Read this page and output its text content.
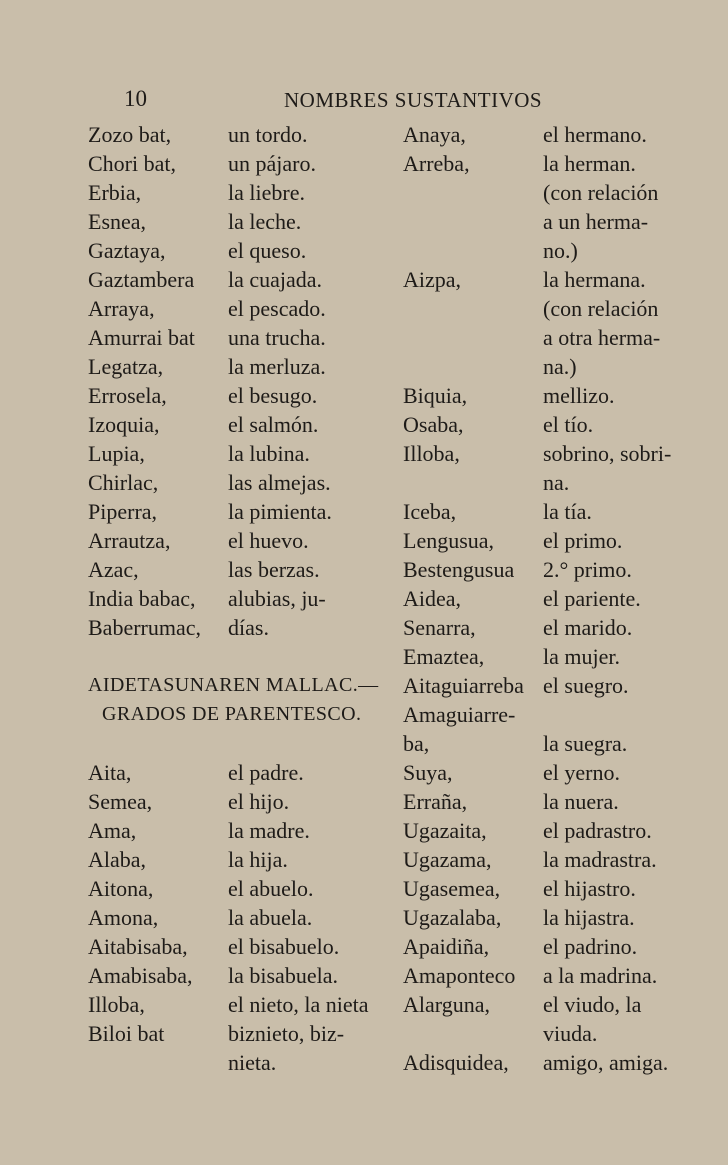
10	NOMBRES SUSTANTIVOS
Zozo bat,	un tordo.
Chori bat, un pájaro.
Erbia,	la liebre.
Esnea,	la leche.
Gaztaya,	el queso.
Gaztambera la cuajada.
Arraya,	el pescado.
Amurrai bat una trucha.
Legatza,	la merluza.
Errosela,	el besugo.
Izoquia,	el salmón.
Lupia,	la lubina.
Chirlac,	las almejas.
Piperra,	la pimienta.
Arrautza,	el huevo.
Azac,	las berzas.
India babac, alubias, ju-
Baberrumac, días.
AIDETASUNAREN MALLAC.—
GRADOS DE PARENTESCO.
Aita,	el padre.
Semea,	el hijo.
Ama,	la madre.
Alaba,	la hija.
Aitona,	el abuelo.
Amona,	la abuela.
Aitabisaba, el bisabuelo.
Amabisaba, la bisabuela.
Illoba,	el nieto, la nieta
Biloi bat	biznieto, biz-
nieta.
Anaya,	el hermano.
Arreba,	la herman.
(con relación
a un herma-
no.)
Aizpa,	la hermana.
(con relación
a otra herma-
na.)
Biquia,	mellizo.
Osaba,	el tío.
Illoba,	sobrino, sobri-
na.
Iceba,	la tía.
Lengusua, el primo.
Bestengusua 2.° primo.
Aidea,	el pariente.
Senarra,	el marido.
Emaztea,	la mujer.
Aitaguiarreba el suegro.
Amaguiarre-
ba,	la suegra.
Suya,	el yerno.
Erraña,	la nuera.
Ugazaita,	el padrastro.
Ugazama, la madrastra.
Ugasemea, el hijastro.
Ugazalaba, la hijastra.
Apaidiña, el padrino.
Amaponteco a la madrina.
Alarguna, el viudo, la
viuda.
Adisquidea, amigo, amiga.
